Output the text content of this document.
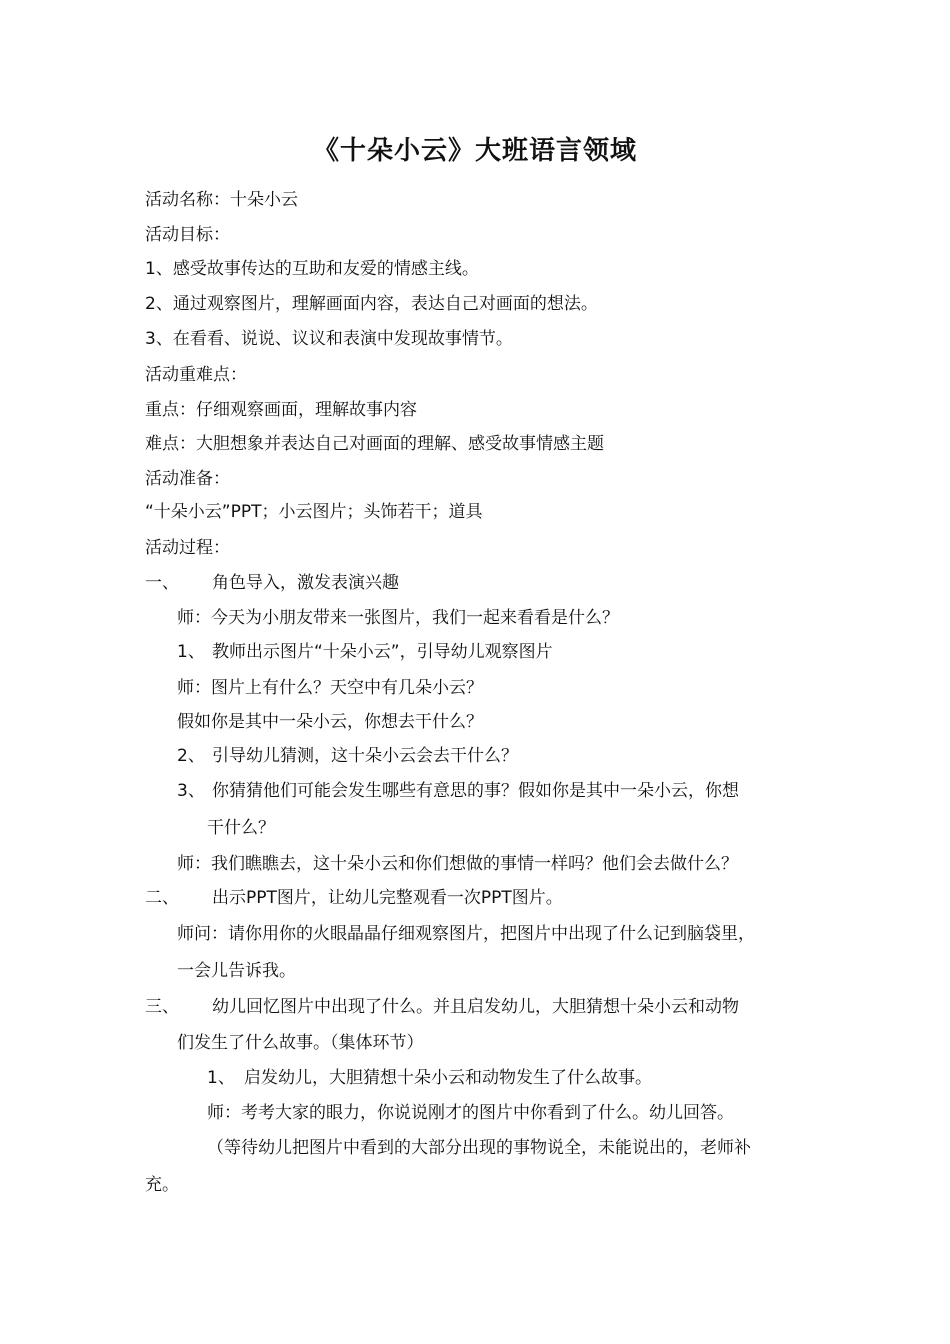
《十朵小云》大班语言领域
活动名称：十朵小云
活动目标：
1、感受故事传达的互助和友爱的情感主线。
2、通过观察图片，理解画面内容，表达自己对画面的想法。
3、在看看、说说、议议和表演中发现故事情节。
活动重难点：
重点：仔细观察画面，理解故事内容
难点：大胆想象并表达自己对画面的理解、感受故事情感主题
活动准备：
“十朵小云”PPT；小云图片；头饰若干；道具
活动过程：
一、 角色导入，激发表演兴趣
师：今天为小朋友带来一张图片，我们一起来看看是什么？
1、 教师出示图片“十朵小云”，引导幼儿观察图片
师：图片上有什么？天空中有几朵小云？
假如你是其中一朵小云，你想去干什么？
2、 引导幼儿猜测，这十朵小云会去干什么？
3、 你猜猜他们可能会发生哪些有意思的事？假如你是其中一朵小云，你想
干什么？
师：我们瞧瞧去，这十朵小云和你们想做的事情一样吗？他们会去做什么？
二、 出示PPT图片，让幼儿完整观看一次PPT图片。
师问：请你用你的火眼晶晶仔细观察图片，把图片中出现了什么记到脑袋里，
一会儿告诉我。
三、 幼儿回忆图片中出现了什么。并且启发幼儿，大胆猜想十朵小云和动物
们发生了什么故事。（集体环节）
1、 启发幼儿，大胆猜想十朵小云和动物发生了什么故事。
师：考考大家的眼力，你说说刚才的图片中你看到了什么。幼儿回答。
（等待幼儿把图片中看到的大部分出现的事物说全，未能说出的，老师补
充。
